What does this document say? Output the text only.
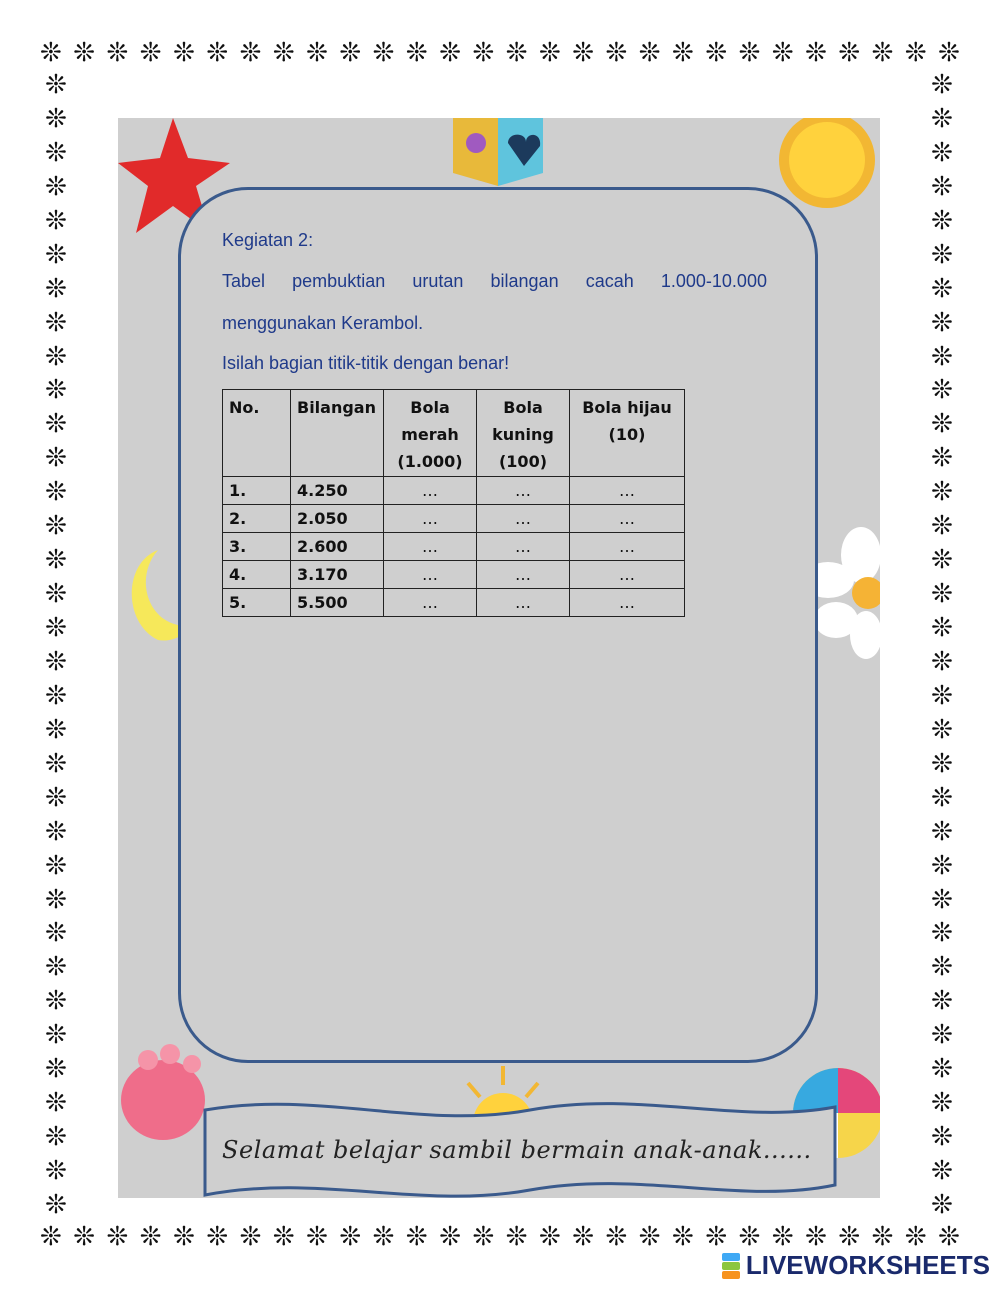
❊ ❊ ❊ ❊ ❊ ❊ ❊ ❊ ❊ ❊ ❊ ❊ ❊ ❊ ❊ ❊ ❊ ❊ ❊ ❊ ❊ ❊ ❊ ❊ ❊ ❊ ❊ ❊
❊ ❊ ❊ ❊ ❊ ❊ ❊ ❊ ❊ ❊ ❊ ❊ ❊ ❊ ❊ ❊ ❊ ❊ ❊ ❊ ❊ ❊ ❊ ❊ ❊ ❊ ❊ ❊
❊
❊
❊
❊
❊
❊
❊
❊
❊
❊
❊
❊
❊
❊
❊
❊
❊
❊
❊
❊
❊
❊
❊
❊
❊
❊
❊
❊
❊
❊
❊
❊
❊
❊
❊
❊
❊
❊
❊
❊
❊
❊
❊
❊
❊
❊
❊
❊
❊
❊
❊
❊
❊
❊
❊
❊
❊
❊
❊
❊
❊
❊
❊
❊
❊
❊
❊
❊
Kegiatan 2:
Tabel pembuktian urutan bilangan cacah 1.000-10.000
menggunakan Kerambol.
Isilah bagian titik-titik dengan benar!
No.	Bilangan	Bola merah (1.000)	Bola kuning (100)	Bola hijau (10)
1.	4.250	…	…	…
2.	2.050	…	…	…
3.	2.600	…	…	…
4.	3.170	…	…	…
5.	5.500	…	…	…
Selamat belajar sambil bermain anak-anak......
LIVEWORKSHEETS
